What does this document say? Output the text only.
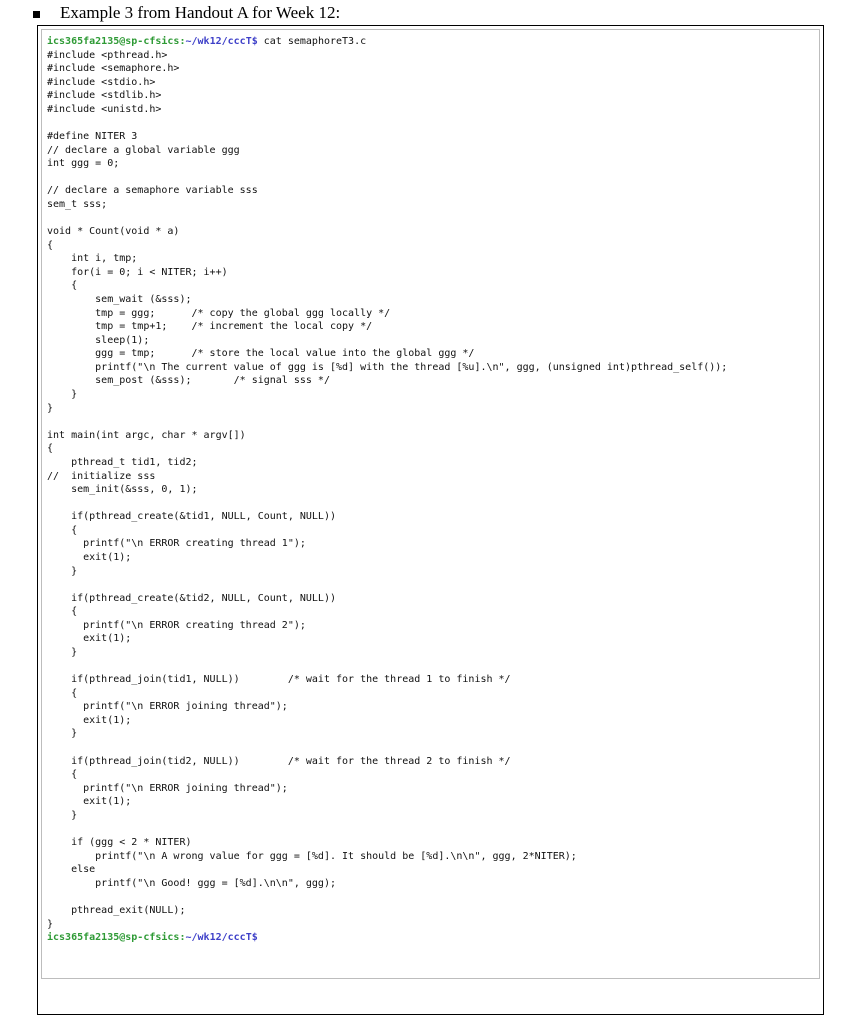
Example 3 from Handout A for Week 12:
ics365fa2135@sp-cfsics:~/wk12/cccT$ cat semaphoreT3.c
#include <pthread.h>
#include <semaphore.h>
#include <stdio.h>
#include <stdlib.h>
#include <unistd.h>
#define NITER 3
// declare a global variable ggg
int ggg = 0;
// declare a semaphore variable sss
sem_t sss;
void * Count(void * a)
{
int i, tmp;
for(i = 0; i < NITER; i++)
{
sem_wait (&sss);
tmp = ggg;      /* copy the global ggg locally */
tmp = tmp+1;    /* increment the local copy */
sleep(1);
ggg = tmp;      /* store the local value into the global ggg */
printf("\n The current value of ggg is [%d] with the thread [%u].\n", ggg, (unsigned int)pthread_self());
sem_post (&sss);       /* signal sss */
}
}
int main(int argc, char * argv[])
{
pthread_t tid1, tid2;
//  initialize sss
sem_init(&sss, 0, 1);
if(pthread_create(&tid1, NULL, Count, NULL))
{
printf("\n ERROR creating thread 1");
exit(1);
}
if(pthread_create(&tid2, NULL, Count, NULL))
{
printf("\n ERROR creating thread 2");
exit(1);
}
if(pthread_join(tid1, NULL))        /* wait for the thread 1 to finish */
{
printf("\n ERROR joining thread");
exit(1);
}
if(pthread_join(tid2, NULL))        /* wait for the thread 2 to finish */
{
printf("\n ERROR joining thread");
exit(1);
}
if (ggg < 2 * NITER)
printf("\n A wrong value for ggg = [%d]. It should be [%d].\n\n", ggg, 2*NITER);
else
printf("\n Good! ggg = [%d].\n\n", ggg);
pthread_exit(NULL);
}
ics365fa2135@sp-cfsics:~/wk12/cccT$
